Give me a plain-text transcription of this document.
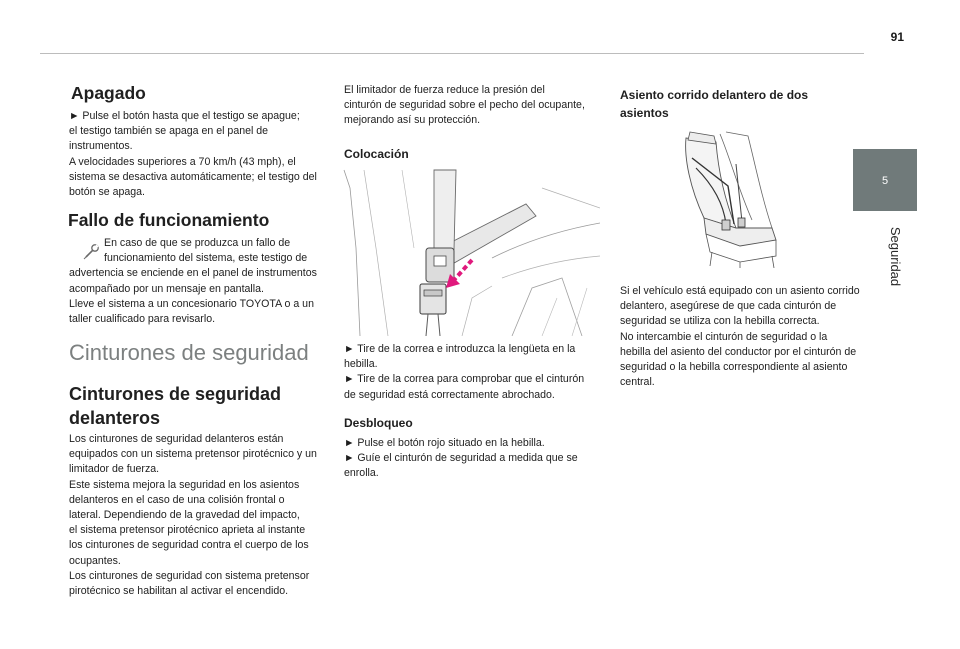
91
5
Seguridad
Apagado

► Pulse el botón hasta que el testigo se apague;

el testigo también se apaga en el panel de

instrumentos.

A velocidades superiores a 70 km/h (43 mph), el

sistema se desactiva automáticamente; el testigo del

botón se apaga.

Fallo de funcionamiento

En caso de que se produzca un fallo de

funcionamiento del sistema, este testigo de

advertencia se enciende en el panel de instrumentos

acompañado por un mensaje en pantalla.

Lleve el sistema a un concesionario TOYOTA o a un

taller cualificado para revisarlo.

Cinturones de seguridad
Cinturones de seguridad
delanteros

Los cinturones de seguridad delanteros están

equipados con un sistema pretensor pirotécnico y un

limitador de fuerza.

Este sistema mejora la seguridad en los asientos

delanteros en el caso de una colisión frontal o

lateral. Dependiendo de la gravedad del impacto,

el sistema pretensor pirotécnico aprieta al instante

los cinturones de seguridad contra el cuerpo de los

ocupantes.

Los cinturones de seguridad con sistema pretensor

pirotécnico se habilitan al activar el encendido.

El limitador de fuerza reduce la presión del

cinturón de seguridad sobre el pecho del ocupante,

mejorando así su protección.

Colocación

► Tire de la correa e introduzca la lengüeta en la

hebilla.

► Tire de la correa para comprobar que el cinturón

de seguridad está correctamente abrochado.

Desbloqueo

► Pulse el botón rojo situado en la hebilla.

► Guíe el cinturón de seguridad a medida que se

enrolla.

Asiento corrido delantero de dos
asientos

Si el vehículo está equipado con un asiento corrido

delantero, asegúrese de que cada cinturón de

seguridad se utiliza con la hebilla correcta.

No intercambie el cinturón de seguridad o la

hebilla del asiento del conductor por el cinturón de

seguridad o la hebilla correspondiente al asiento

central.
